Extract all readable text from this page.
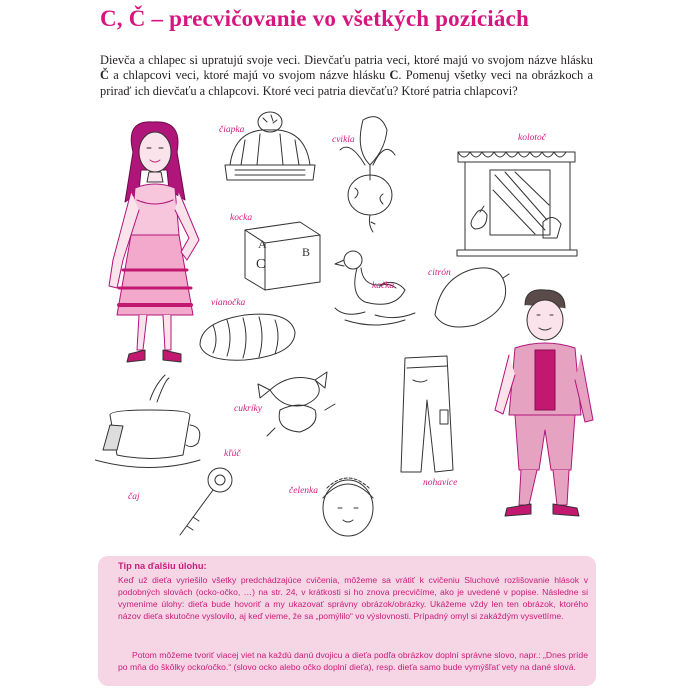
C, Č – precvičovanie vo všetkých pozíciách

Dievča a chlapec si upratujú svoje veci. Dievčaťu patria veci, ktoré majú vo svojom názve hlásku Č a chlapcovi veci, ktoré majú vo svojom názve hlásku C. Pomenuj všetky veci na obrázkoch a priraď ich dievčaťu a chlapcovi. Ktoré veci patria dievčaťu? Ktoré patria chlapcovi?

A
B
C
čiapka
cvikla	kolotoč
kocka
kačka
citrón
vianočka
cukríky
kľúč
čaj
čelenka
nohavice
Tip na ďalšiu úlohu:

Keď už dieťa vyriešilo všetky predchádzajúce cvičenia, môžeme sa vrátiť k cvičeniu Sluchové rozlišovanie hlások v podobných slovách (ocko-očko, …) na str. 24, v krátkosti si ho znova precvičíme, ako je uvedené v popise. Následne si vymeníme úlohy: dieťa bude hovoriť a my ukazovať správny obrázok/obrázky. Ukážeme vždy len ten obrázok, ktorého názov dieťa skutočne vyslovilo, aj keď vieme, že sa „pomýlilo“ vo výslovnosti. Prípadný omyl si zakáždým vysvetlíme.

Potom môžeme tvoriť viacej viet na každú danú dvojicu a dieťa podľa obrázkov doplní správne slovo, napr.: „Dnes príde po mňa do škôlky ocko/očko.“ (slovo ocko alebo očko doplní dieťa), resp. dieťa samo bude vymýšľať vety na dané slová.
